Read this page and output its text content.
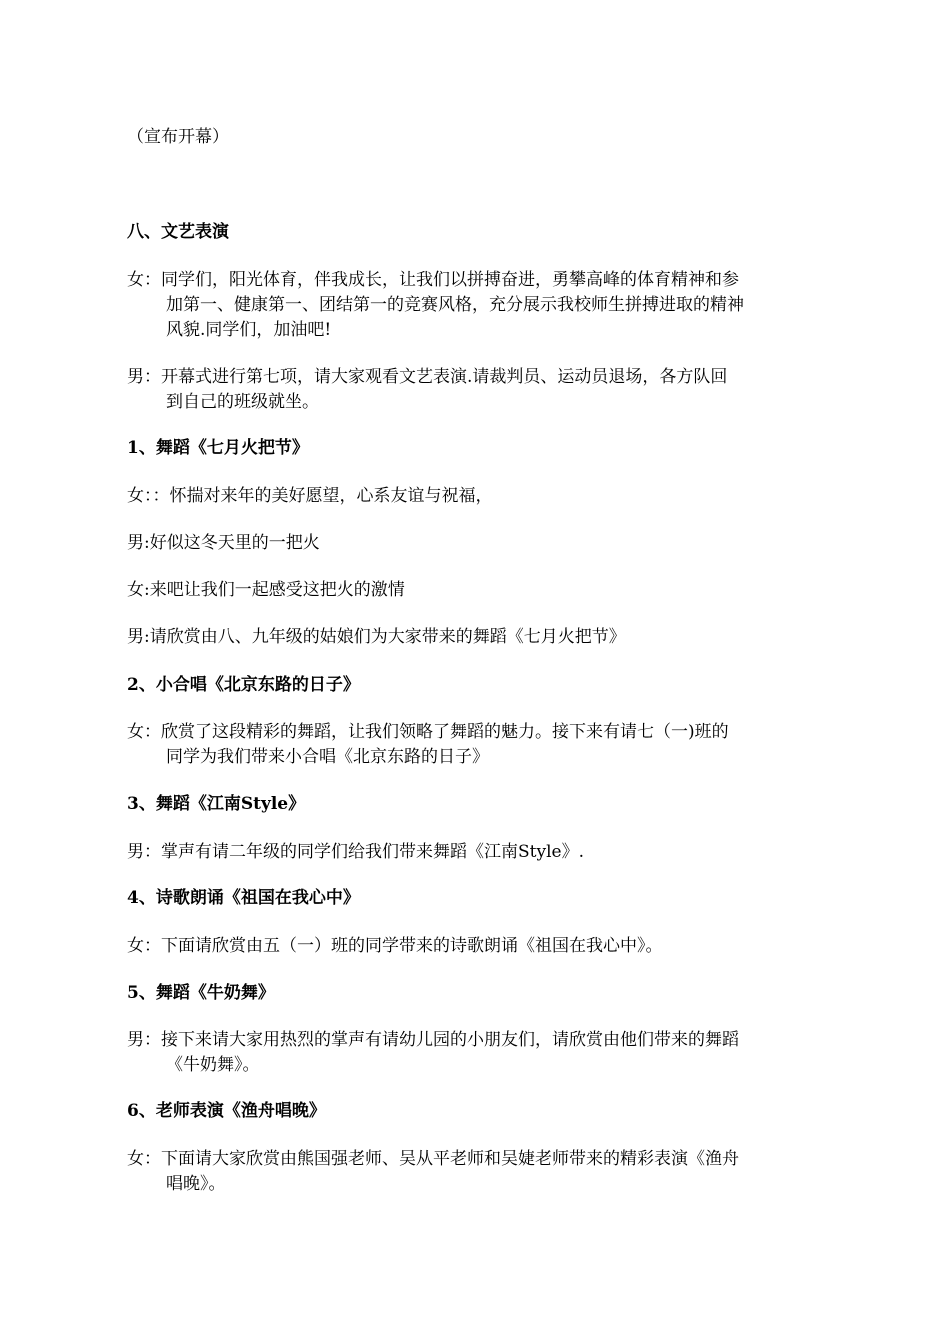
（宣布开幕）
八、文艺表演
女：同学们，阳光体育，伴我成长，让我们以拼搏奋进，勇攀高峰的体育精神和参
加第一、健康第一、团结第一的竞赛风格，充分展示我校师生拼搏进取的精神
风貌.同学们，加油吧!
男：开幕式进行第七项，请大家观看文艺表演.请裁判员、运动员退场，各方队回
到自己的班级就坐。
1、舞蹈《七月火把节》
女：：怀揣对来年的美好愿望，心系友谊与祝福，
男:好似这冬天里的一把火
女:来吧让我们一起感受这把火的激情
男:请欣赏由八、九年级的姑娘们为大家带来的舞蹈《七月火把节》
2、小合唱《北京东路的日子》
女：欣赏了这段精彩的舞蹈，让我们领略了舞蹈的魅力。接下来有请七（一)班的
同学为我们带来小合唱《北京东路的日子》
3、舞蹈《江南Style》
男：掌声有请二年级的同学们给我们带来舞蹈《江南Style》.
4、诗歌朗诵《祖国在我心中》
女：下面请欣赏由五（一）班的同学带来的诗歌朗诵《祖国在我心中》。
5、舞蹈《牛奶舞》
男：接下来请大家用热烈的掌声有请幼儿园的小朋友们，请欣赏由他们带来的舞蹈
《牛奶舞》。
6、老师表演《渔舟唱晚》
女：下面请大家欣赏由熊国强老师、吴从平老师和吴婕老师带来的精彩表演《渔舟
唱晚》。
